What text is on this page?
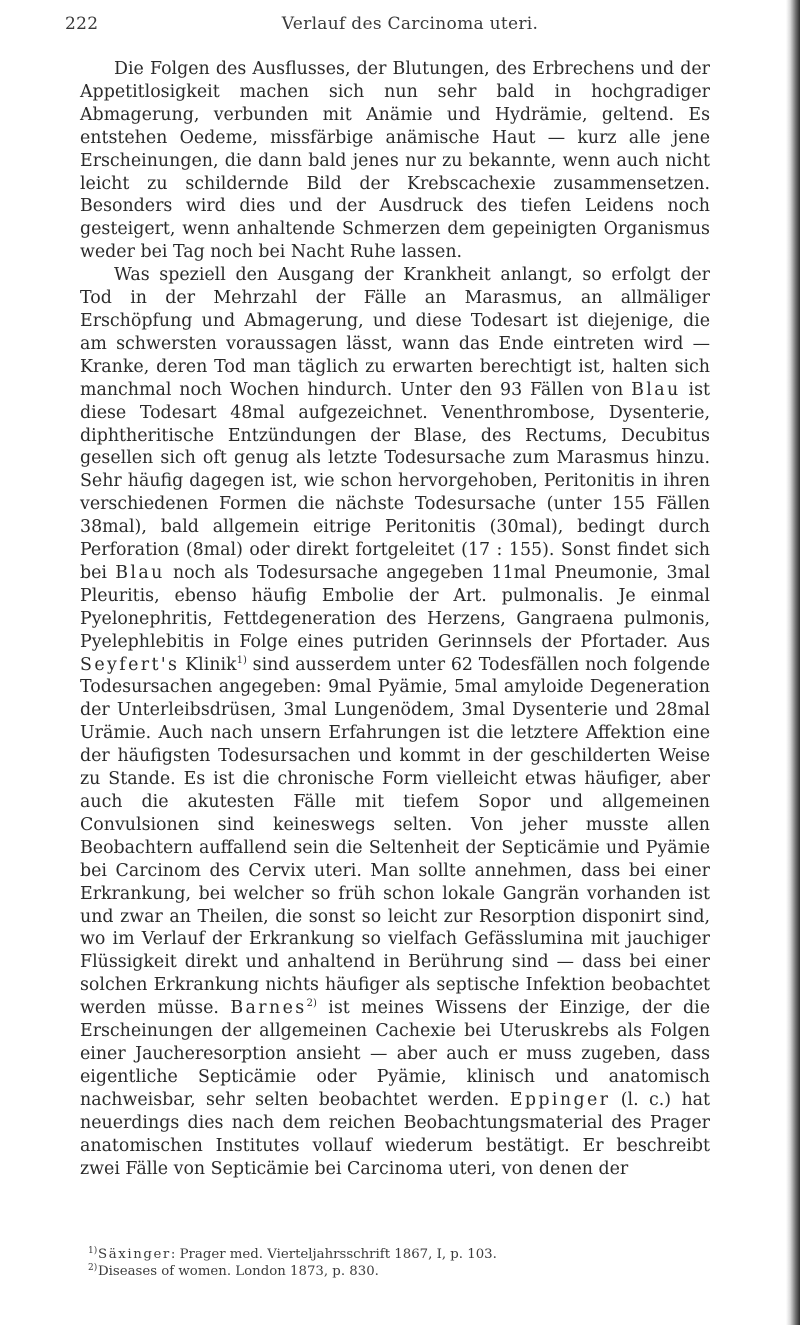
222	Verlauf des Carcinoma uteri.

Die Folgen des Ausflusses, der Blutungen, des Erbrechens und der Appetitlosigkeit machen sich nun sehr bald in hochgradiger Abmagerung, verbunden mit Anämie und Hydrämie, geltend. Es entstehen Oedeme, missfärbige anämische Haut — kurz alle jene Erscheinungen, die dann bald jenes nur zu bekannte, wenn auch nicht leicht zu schildernde Bild der Krebscachexie zusammensetzen. Besonders wird dies und der Ausdruck des tiefen Leidens noch gesteigert, wenn anhaltende Schmerzen dem gepeinigten Organismus weder bei Tag noch bei Nacht Ruhe lassen.

Was speziell den Ausgang der Krankheit anlangt, so erfolgt der Tod in der Mehrzahl der Fälle an Marasmus, an allmäliger Erschöpfung und Abmagerung, und diese Todesart ist diejenige, die am schwersten voraussagen lässt, wann das Ende eintreten wird — Kranke, deren Tod man täglich zu erwarten berechtigt ist, halten sich manchmal noch Wochen hindurch. Unter den 93 Fällen von Blau ist diese Todesart 48mal aufgezeichnet. Venenthrombose, Dysenterie, diphtheritische Entzündungen der Blase, des Rectums, Decubitus gesellen sich oft genug als letzte Todesursache zum Marasmus hinzu. Sehr häufig dagegen ist, wie schon hervorgehoben, Peritonitis in ihren verschiedenen Formen die nächste Todesursache (unter 155 Fällen 38mal), bald allgemein eitrige Peritonitis (30mal), bedingt durch Perforation (8mal) oder direkt fortgeleitet (17 : 155). Sonst findet sich bei Blau noch als Todesursache angegeben 11mal Pneumonie, 3mal Pleuritis, ebenso häufig Embolie der Art. pulmonalis. Je einmal Pyelonephritis, Fettdegeneration des Herzens, Gangraena pulmonis, Pyelephlebitis in Folge eines putriden Gerinnsels der Pfortader. Aus Seyfert's Klinik$^{1)}$ sind ausserdem unter 62 Todesfällen noch folgende Todesursachen angegeben: 9mal Pyämie, 5mal amyloide Degeneration der Unterleibsdrüsen, 3mal Lungenödem, 3mal Dysenterie und 28mal Urämie. Auch nach unsern Erfahrungen ist die letztere Affektion eine der häufigsten Todesursachen und kommt in der geschilderten Weise zu Stande. Es ist die chronische Form vielleicht etwas häufiger, aber auch die akutesten Fälle mit tiefem Sopor und allgemeinen Convulsionen sind keineswegs selten. Von jeher musste allen Beobachtern auffallend sein die Seltenheit der Septicämie und Pyämie bei Carcinom des Cervix uteri. Man sollte annehmen, dass bei einer Erkrankung, bei welcher so früh schon lokale Gangrän vorhanden ist und zwar an Theilen, die sonst so leicht zur Resorption disponirt sind, wo im Verlauf der Erkrankung so vielfach Gefässlumina mit jauchiger Flüssigkeit direkt und anhaltend in Berührung sind — dass bei einer solchen Erkrankung nichts häufiger als septische Infektion beobachtet werden müsse. Barnes$^{2)}$ ist meines Wissens der Einzige, der die Erscheinungen der allgemeinen Cachexie bei Uteruskrebs als Folgen einer Jaucheresorption ansieht — aber auch er muss zugeben, dass eigentliche Septicämie oder Pyämie, klinisch und anatomisch nachweisbar, sehr selten beobachtet werden. Eppinger (l. c.) hat neuerdings dies nach dem reichen Beobachtungsmaterial des Prager anatomischen Institutes vollauf wiederum bestätigt. Er beschreibt zwei Fälle von Septicämie bei Carcinoma uteri, von denen der

1) Säxinger: Prager med. Vierteljahrsschrift 1867, I, p. 103.
2) Diseases of women. London 1873, p. 830.
